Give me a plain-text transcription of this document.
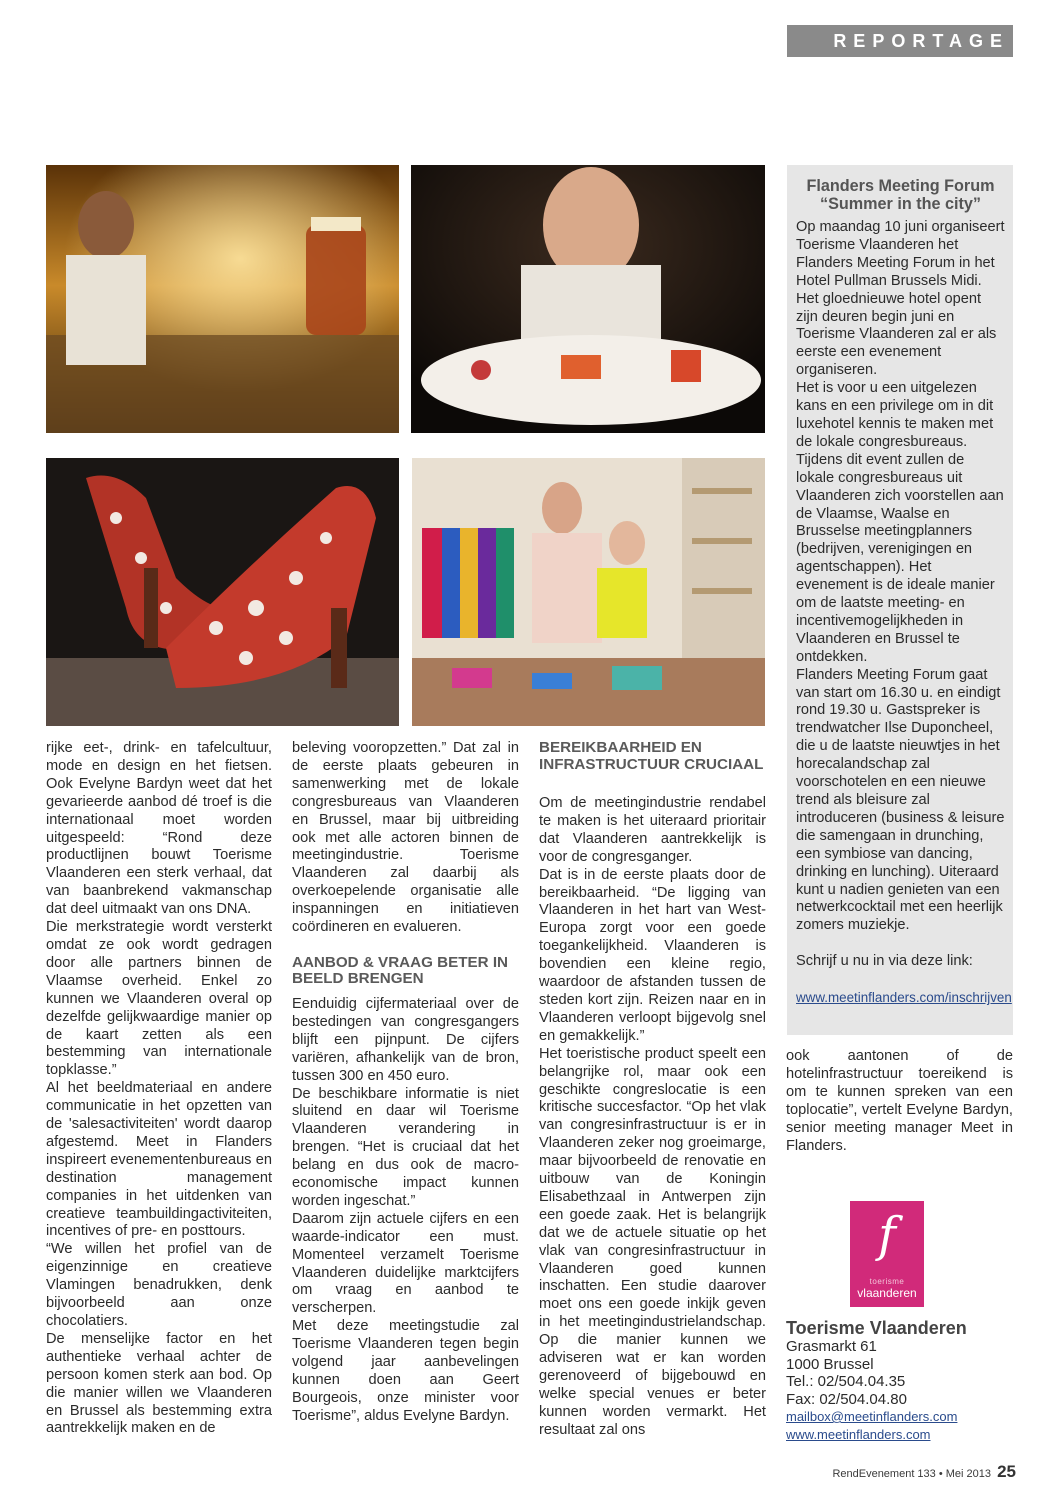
REPORTAGE

rijke eet-, drink- en tafelcultuur, mode en design en het fietsen. Ook Evelyne Bardyn weet dat het gevarieerde aanbod dé troef is die internationaal moet worden uitgespeeld: “Rond deze productlijnen bouwt Toerisme Vlaanderen een sterk verhaal, dat van baanbrekend vakmanschap dat deel uitmaakt van ons DNA.

Die merkstrategie wordt versterkt omdat ze ook wordt gedragen door alle partners binnen de Vlaamse overheid. Enkel zo kunnen we Vlaanderen overal op dezelfde gelijkwaardige manier op de kaart zetten als een bestemming van internationale topklasse.”

Al het beeldmateriaal en andere communicatie in het opzetten van de 'salesactiviteiten' wordt daarop afgestemd. Meet in Flanders inspireert evenementenbureaus en destination management companies in het uitdenken van creatieve teambuildingactiviteiten, incentives of pre- en posttours.

“We willen het profiel van de eigenzinnige en creatieve Vlamingen benadrukken, denk bijvoorbeeld aan onze chocolatiers.

De menselijke factor en het authentieke verhaal achter de persoon komen sterk aan bod. Op die manier willen we Vlaanderen en Brussel als bestemming extra aantrekkelijk maken en de

beleving vooropzetten.” Dat zal in de eerste plaats gebeuren in samenwerking met de lokale congresbureaus van Vlaanderen en Brussel, maar bij uitbreiding ook met alle actoren binnen de meetingindustrie. Toerisme Vlaanderen zal daarbij als overkoepelende organisatie alle inspanningen en initiatieven coördineren en evalueren.

AANBOD & VRAAG BETER IN BEELD BRENGEN

Eenduidig cijfermateriaal over de bestedingen van congresgangers blijft een pijnpunt. De cijfers variëren, afhankelijk van de bron, tussen 300 en 450 euro.

De beschikbare informatie is niet sluitend en daar wil Toerisme Vlaanderen verandering in brengen. “Het is cruciaal dat het belang en dus ook de macro-economische impact kunnen worden ingeschat.”

Daarom zijn actuele cijfers en een waarde-indicator een must. Momenteel verzamelt Toerisme Vlaanderen duidelijke marktcijfers om vraag en aanbod te verscherpen.

Met deze meetingstudie zal Toerisme Vlaanderen tegen begin volgend jaar aanbevelingen kunnen doen aan Geert Bourgeois, onze minister voor Toerisme”, aldus Evelyne Bardyn.

BEREIKBAARHEID EN INFRASTRUCTUUR CRUCIAAL

Om de meetingindustrie rendabel te maken is het uiteraard prioritair dat Vlaanderen aantrekkelijk is voor de congresganger.

Dat is in de eerste plaats door de bereikbaarheid. “De ligging van Vlaanderen in het hart van West-Europa zorgt voor een goede toegankelijkheid. Vlaanderen is bovendien een kleine regio, waardoor de afstanden tussen de steden kort zijn. Reizen naar en in Vlaanderen verloopt bijgevolg snel en gemakkelijk.”

Het toeristische product speelt een belangrijke rol, maar ook een geschikte congreslocatie is een kritische succesfactor. “Op het vlak van congresinfrastructuur is er in Vlaanderen zeker nog groeimarge, maar bijvoorbeeld de renovatie en uitbouw van de Koningin Elisabethzaal in Antwerpen zijn een goede zaak. Het is belangrijk dat we de actuele situatie op het vlak van congresinfrastructuur in Vlaanderen goed kunnen inschatten. Een studie daarover moet ons een goede inkijk geven in het meetingindustrielandschap. Op die manier kunnen we adviseren wat er kan worden gerenoveerd of bijgebouwd en welke special venues er beter kunnen worden vermarkt. Het resultaat zal ons

Flanders Meeting Forum “Summer in the city”

Op maandag 10 juni organiseert Toerisme Vlaanderen het Flanders Meeting Forum in het Hotel Pullman Brussels Midi. Het gloednieuwe hotel opent zijn deuren begin juni en Toerisme Vlaanderen zal er als eerste een evenement organiseren.

Het is voor u een uitgelezen kans en een privilege om in dit luxehotel kennis te maken met de lokale congresbureaus.

Tijdens dit event zullen de lokale congresbureaus uit Vlaanderen zich voorstellen aan de Vlaamse, Waalse en Brusselse meetingplanners (bedrijven, verenigingen en agentschappen). Het evenement is de ideale manier om de laatste meeting- en incentivemogelijkheden in Vlaanderen en Brussel te ontdekken.

Flanders Meeting Forum gaat van start om 16.30 u. en eindigt rond 19.30 u. Gastspreker is trendwatcher Ilse Duponcheel, die u de laatste nieuwtjes in het horecalandschap zal voorschotelen en een nieuwe trend als bleisure zal introduceren (business & leisure die samengaan in drunching, een symbiose van dancing, drinking en lunching). Uiteraard kunt u nadien genieten van een netwerkcocktail met een heerlijk zomers muziekje.

Schrijf u nu in via deze link:

www.meetinflanders.com/inschrijven

ook aantonen of de hotelinfrastructuur toereikend is om te kunnen spreken van een toplocatie”, vertelt Evelyne Bardyn, senior meeting manager Meet in Flanders.

f
toerisme
vlaanderen
Toerisme Vlaanderen
Grasmarkt 61
1000 Brussel
Tel.: 02/504.04.35
Fax: 02/504.04.80
mailbox@meetinflanders.com
www.meetinflanders.com
RendEvenement 133 • Mei 2013 25
